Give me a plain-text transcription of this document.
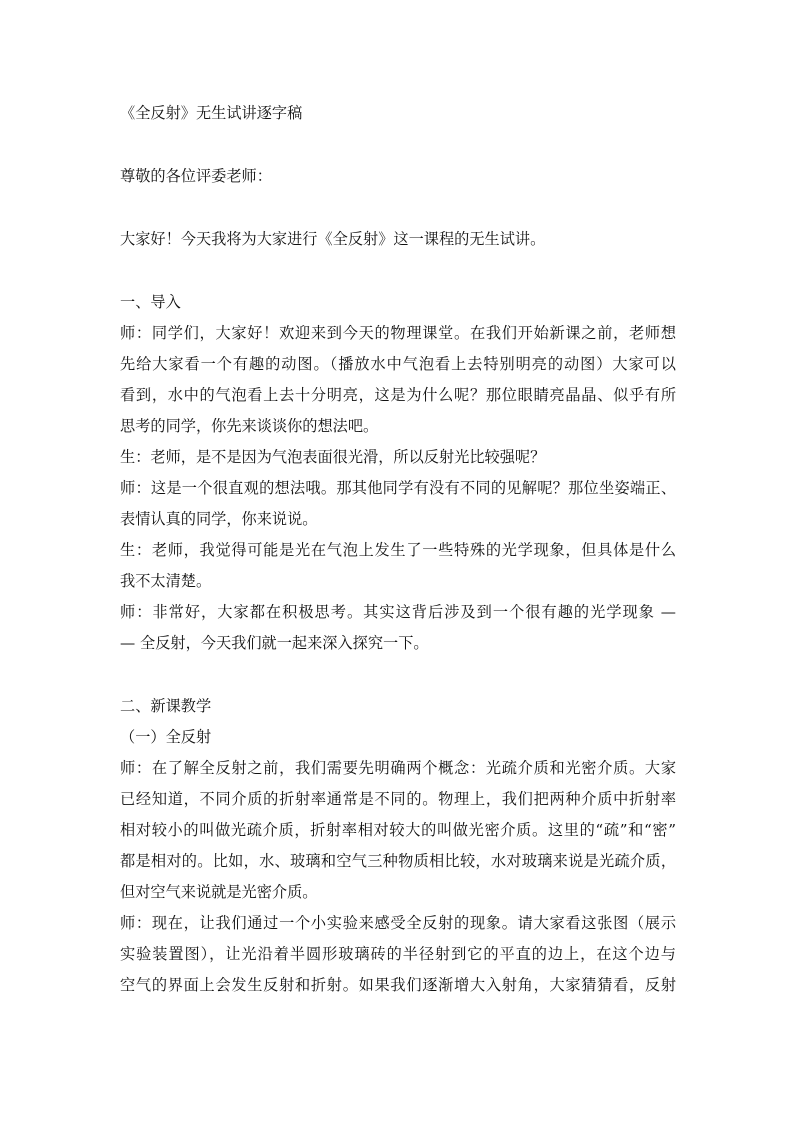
《全反射》无生试讲逐字稿
尊敬的各位评委老师：
大家好！今天我将为大家进行《全反射》这一课程的无生试讲。
一、导入
师：同学们，大家好！欢迎来到今天的物理课堂。在我们开始新课之前，老师想
先给大家看一个有趣的动图。（播放水中气泡看上去特别明亮的动图）大家可以
看到，水中的气泡看上去十分明亮，这是为什么呢？那位眼睛亮晶晶、似乎有所
思考的同学，你先来谈谈你的想法吧。
生：老师，是不是因为气泡表面很光滑，所以反射光比较强呢？
师：这是一个很直观的想法哦。那其他同学有没有不同的见解呢？那位坐姿端正、
表情认真的同学，你来说说。
生：老师，我觉得可能是光在气泡上发生了一些特殊的光学现象，但具体是什么
我不太清楚。
师：非常好，大家都在积极思考。其实这背后涉及到一个很有趣的光学现象 —
— 全反射，今天我们就一起来深入探究一下。
二、新课教学
（一）全反射
师：在了解全反射之前，我们需要先明确两个概念：光疏介质和光密介质。大家
已经知道，不同介质的折射率通常是不同的。物理上，我们把两种介质中折射率
相对较小的叫做光疏介质，折射率相对较大的叫做光密介质。这里的“疏”和“密”
都是相对的。比如，水、玻璃和空气三种物质相比较，水对玻璃来说是光疏介质，
但对空气来说就是光密介质。
师：现在，让我们通过一个小实验来感受全反射的现象。请大家看这张图（展示
实验装置图），让光沿着半圆形玻璃砖的半径射到它的平直的边上，在这个边与
空气的界面上会发生反射和折射。如果我们逐渐增大入射角，大家猜猜看，反射
